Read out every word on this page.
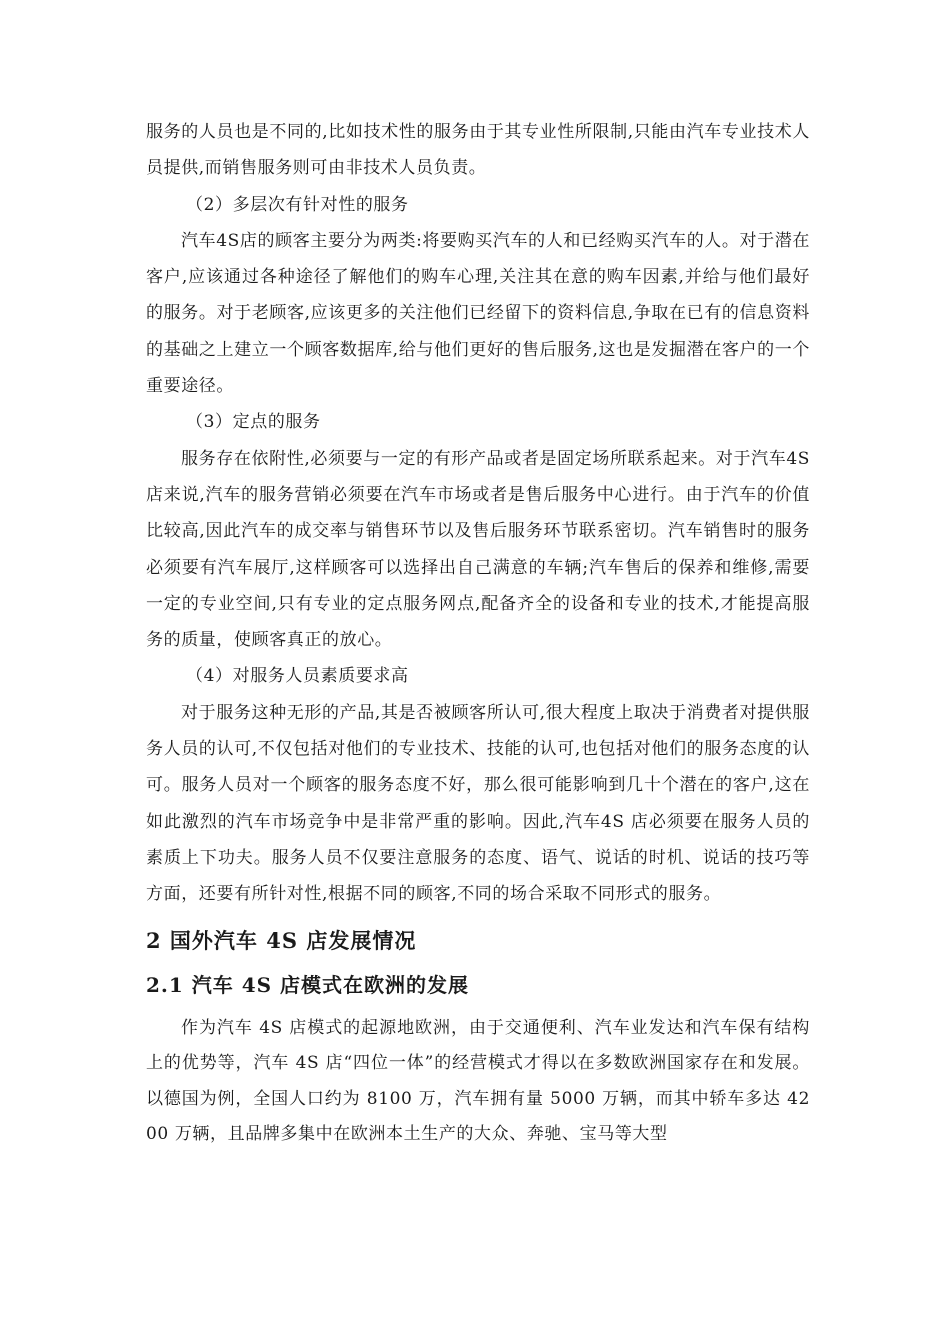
服务的人员也是不同的,比如技术性的服务由于其专业性所限制,只能由汽车专业技术人员提供,而销售服务则可由非技术人员负责。

（2）多层次有针对性的服务

汽车4S店的顾客主要分为两类:将要购买汽车的人和已经购买汽车的人。对于潜在客户,应该通过各种途径了解他们的购车心理,关注其在意的购车因素,并给与他们最好的服务。对于老顾客,应该更多的关注他们已经留下的资料信息,争取在已有的信息资料的基础之上建立一个顾客数据库,给与他们更好的售后服务,这也是发掘潜在客户的一个重要途径。

（3）定点的服务

服务存在依附性,必须要与一定的有形产品或者是固定场所联系起来。对于汽车4S店来说,汽车的服务营销必须要在汽车市场或者是售后服务中心进行。由于汽车的价值比较高,因此汽车的成交率与销售环节以及售后服务环节联系密切。汽车销售时的服务必须要有汽车展厅,这样顾客可以选择出自己满意的车辆;汽车售后的保养和维修,需要一定的专业空间,只有专业的定点服务网点,配备齐全的设备和专业的技术,才能提高服务的质量，使顾客真正的放心。

（4）对服务人员素质要求高

对于服务这种无形的产品,其是否被顾客所认可,很大程度上取决于消费者对提供服务人员的认可,不仅包括对他们的专业技术、技能的认可,也包括对他们的服务态度的认可。服务人员对一个顾客的服务态度不好，那么很可能影响到几十个潜在的客户,这在如此激烈的汽车市场竞争中是非常严重的影响。因此,汽车4S 店必须要在服务人员的素质上下功夫。服务人员不仅要注意服务的态度、语气、说话的时机、说话的技巧等方面，还要有所针对性,根据不同的顾客,不同的场合采取不同形式的服务。

2 国外汽车 4S 店发展情况
2.1 汽车 4S 店模式在欧洲的发展

作为汽车 4S 店模式的起源地欧洲，由于交通便利、汽车业发达和汽车保有结构上的优势等，汽车 4S 店“四位一体”的经营模式才得以在多数欧洲国家存在和发展。以德国为例，全国人口约为 8100 万，汽车拥有量 5000 万辆，而其中轿车多达 4200 万辆，且品牌多集中在欧洲本土生产的大众、奔驰、宝马等大型
